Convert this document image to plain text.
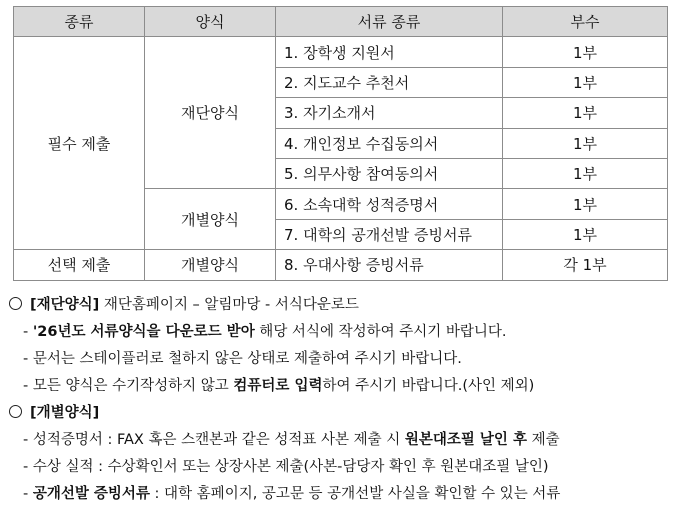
종류	양식	서류 종류	부수
필수 제출	재단양식	1. 장학생 지원서	1부
		2. 지도교수 추천서	1부
		3. 자기소개서	1부
		4. 개인정보 수집동의서	1부
		5. 의무사항 참여동의서	1부
	개별양식	6. 소속대학 성적증명서	1부
		7. 대학의 공개선발 증빙서류	1부
선택 제출	개별양식	8. 우대사항 증빙서류	각 1부
[재단양식] 재단홈페이지 – 알림마당 - 서식다운로드
- '26년도 서류양식을 다운로드 받아 해당 서식에 작성하여 주시기 바랍니다.
- 문서는 스테이플러로 철하지 않은 상태로 제출하여 주시기 바랍니다.
- 모든 양식은 수기작성하지 않고 컴퓨터로 입력하여 주시기 바랍니다.(사인 제외)
[개별양식]
- 성적증명서 : FAX 혹은 스캔본과 같은 성적표 사본 제출 시 원본대조필 날인 후 제출
- 수상 실적 : 수상확인서 또는 상장사본 제출(사본-담당자 확인 후 원본대조필 날인)
- 공개선발 증빙서류 : 대학 홈페이지, 공고문 등 공개선발 사실을 확인할 수 있는 서류
